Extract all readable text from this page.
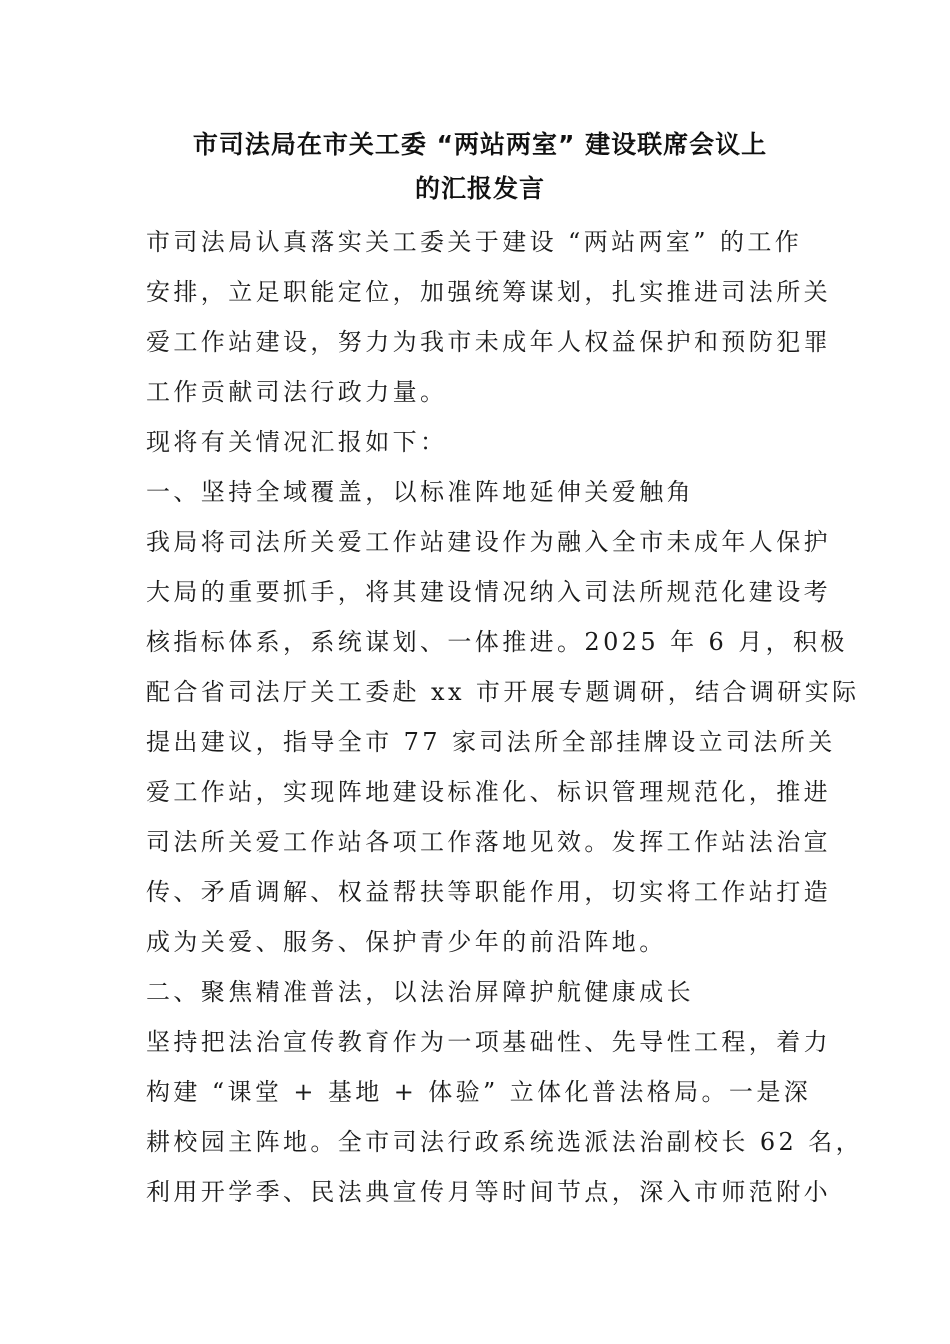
市司法局在市关工委 “两站两室” 建设联席会议上
的汇报发言
市司法局认真落实关工委关于建设 “两站两室” 的工作
安排，立足职能定位，加强统筹谋划，扎实推进司法所关
爱工作站建设，努力为我市未成年人权益保护和预防犯罪
工作贡献司法行政力量。
现将有关情况汇报如下：
一、坚持全域覆盖，以标准阵地延伸关爱触角
我局将司法所关爱工作站建设作为融入全市未成年人保护
大局的重要抓手，将其建设情况纳入司法所规范化建设考
核指标体系，系统谋划、一体推进。2025 年 6 月，积极
配合省司法厅关工委赴 xx 市开展专题调研，结合调研实际
提出建议，指导全市 77 家司法所全部挂牌设立司法所关
爱工作站，实现阵地建设标准化、标识管理规范化，推进
司法所关爱工作站各项工作落地见效。发挥工作站法治宣
传、矛盾调解、权益帮扶等职能作用，切实将工作站打造
成为关爱、服务、保护青少年的前沿阵地。
二、聚焦精准普法，以法治屏障护航健康成长
坚持把法治宣传教育作为一项基础性、先导性工程，着力
构建 “课堂 + 基地 + 体验” 立体化普法格局。一是深
耕校园主阵地。全市司法行政系统选派法治副校长 62 名，
利用开学季、民法典宣传月等时间节点，深入市师范附小
